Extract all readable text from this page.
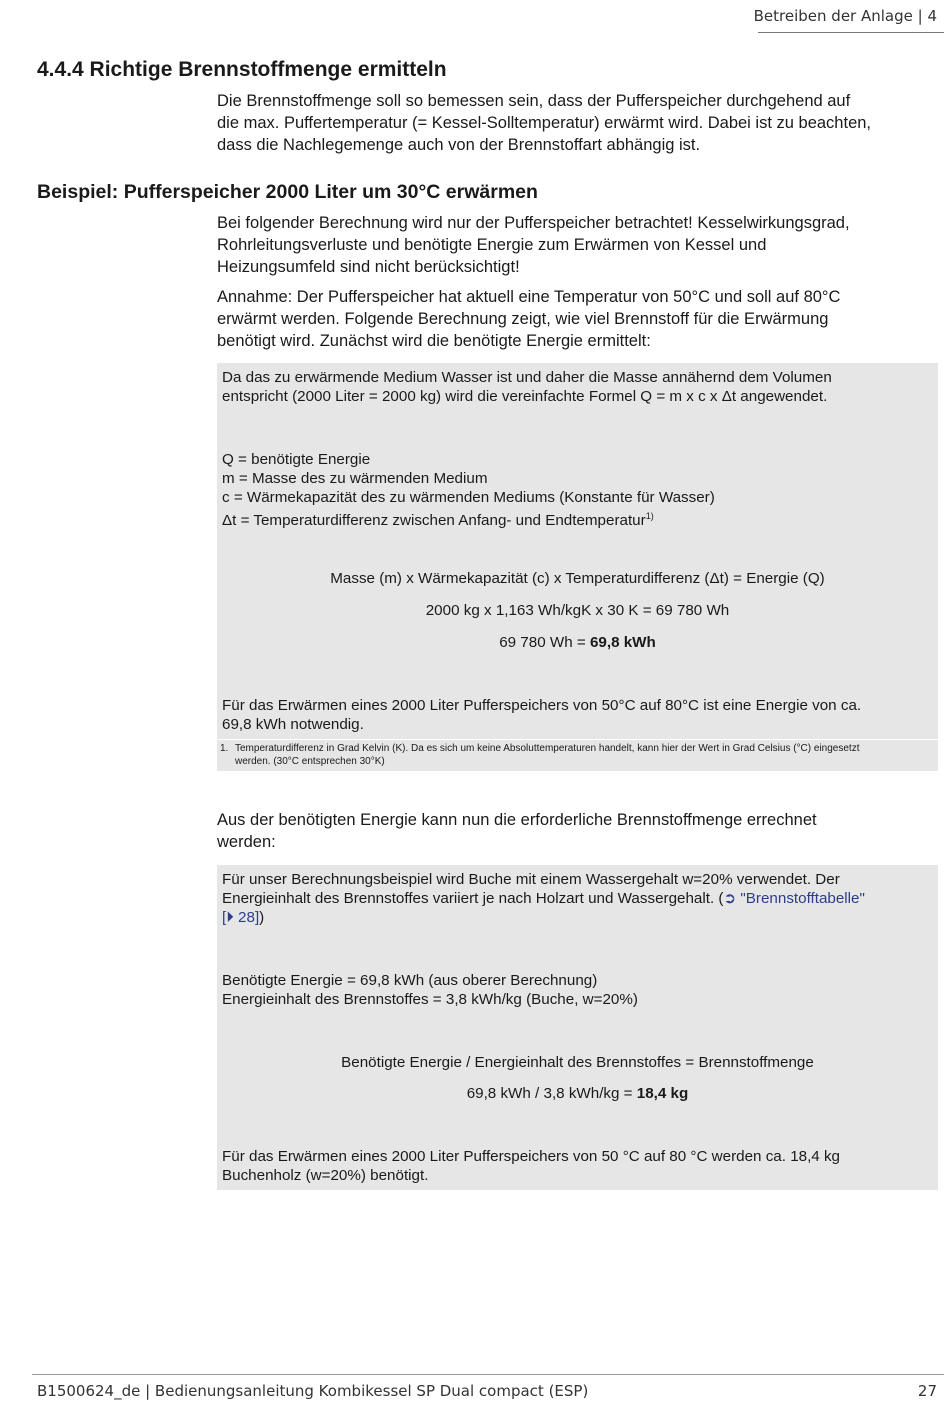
Betreiben der Anlage | 4
4.4.4 Richtige Brennstoffmenge ermitteln

Die Brennstoffmenge soll so bemessen sein, dass der Pufferspeicher durchgehend auf
die max. Puffertemperatur (= Kessel-Solltemperatur) erwärmt wird. Dabei ist zu beachten,
dass die Nachlegemenge auch von der Brennstoffart abhängig ist.

Beispiel: Pufferspeicher 2000 Liter um 30°C erwärmen

Bei folgender Berechnung wird nur der Pufferspeicher betrachtet! Kesselwirkungsgrad,
Rohrleitungsverluste und benötigte Energie zum Erwärmen von Kessel und
Heizungsumfeld sind nicht berücksichtigt!

Annahme: Der Pufferspeicher hat aktuell eine Temperatur von 50°C und soll auf 80°C
erwärmt werden. Folgende Berechnung zeigt, wie viel Brennstoff für die Erwärmung
benötigt wird. Zunächst wird die benötigte Energie ermittelt:

Da das zu erwärmende Medium Wasser ist und daher die Masse annähernd dem Volumen
entspricht (2000 Liter = 2000 kg) wird die vereinfachte Formel Q = m x c x Δt angewendet.

Q = benötigte Energie
m = Masse des zu wärmenden Medium
c = Wärmekapazität des zu wärmenden Mediums (Konstante für Wasser)
Δt = Temperaturdifferenz zwischen Anfang- und Endtemperatur$^{1)}$

Masse (m) x Wärmekapazität (c) x Temperaturdifferenz (Δt) = Energie (Q)

2000 kg x 1,163 Wh/kgK x 30 K = 69 780 Wh

69 780 Wh = 69,8 kWh

Für das Erwärmen eines 2000 Liter Pufferspeichers von 50°C auf 80°C ist eine Energie von ca.
69,8 kWh notwendig.

1. Temperaturdifferenz in Grad Kelvin (K). Da es sich um keine Absoluttemperaturen handelt, kann hier der Wert in Grad Celsius (°C) eingesetzt
werden. (30°C entsprechen 30°K)

Aus der benötigten Energie kann nun die erforderliche Brennstoffmenge errechnet
werden:

Für unser Berechnungsbeispiel wird Buche mit einem Wassergehalt w=20% verwendet. Der
Energieinhalt des Brennstoffes variiert je nach Holzart und Wassergehalt. (➲ "Brennstofftabelle"
[⏵ 28])

Benötigte Energie = 69,8 kWh (aus oberer Berechnung)
Energieinhalt des Brennstoffes = 3,8 kWh/kg (Buche, w=20%)

Benötigte Energie / Energieinhalt des Brennstoffes = Brennstoffmenge

69,8 kWh / 3,8 kWh/kg = 18,4 kg

Für das Erwärmen eines 2000 Liter Pufferspeichers von 50 °C auf 80 °C werden ca. 18,4 kg
Buchenholz (w=20%) benötigt.

B1500624_de | Bedienungsanleitung Kombikessel SP Dual compact (ESP)	27
